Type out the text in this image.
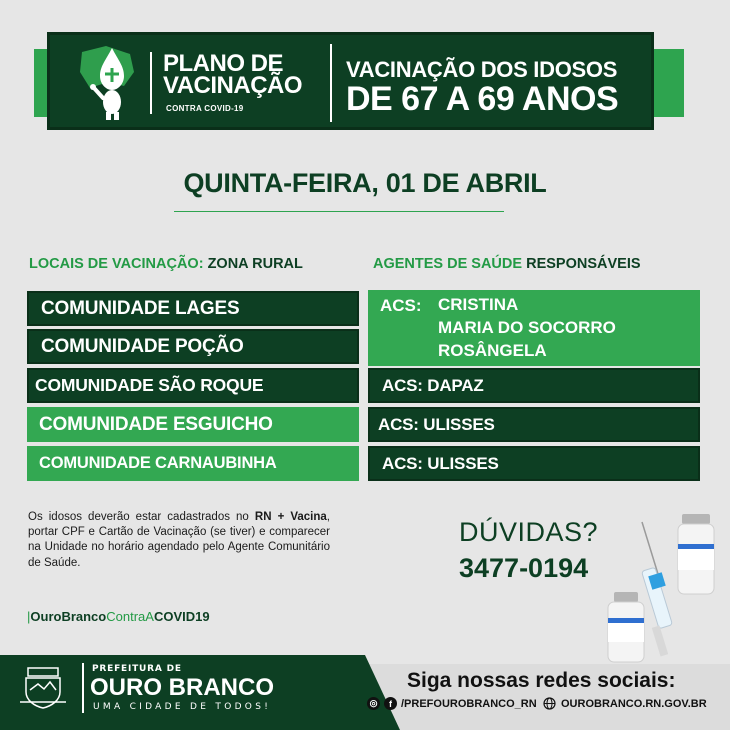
PLANO DE
VACINAÇÃO
CONTRA COVID-19
VACINAÇÃO DOS IDOSOS
DE 67 A 69 ANOS
QUINTA-FEIRA, 01 DE ABRIL
LOCAIS DE VACINAÇÃO: ZONA RURAL	AGENTES DE SAÚDE RESPONSÁVEIS
COMUNIDADE LAGES
COMUNIDADE POÇÃO
COMUNIDADE SÃO ROQUE
COMUNIDADE ESGUICHO
COMUNIDADE CARNAUBINHA
ACS: CRISTINA
MARIA DO SOCORRO
ROSÂNGELA
ACS: DAPAZ
ACS: ULISSES
ACS: ULISSES
Os idosos deverão estar cadastrados no RN + Vacina, portar CPF e Cartão de Vacinação (se tiver) e comparecer na Unidade no horário agendado pelo Agente Comunitário de Saúde.
|OuroBrancoContraACOVID19
DÚVIDAS?
3477-0194
PREFEITURA DE
OURO BRANCO
UMA CIDADE DE TODOS!
Siga nossas redes sociais:
◎	f /PREFOUROBRANCO_RN OUROBRANCO.RN.GOV.BR
